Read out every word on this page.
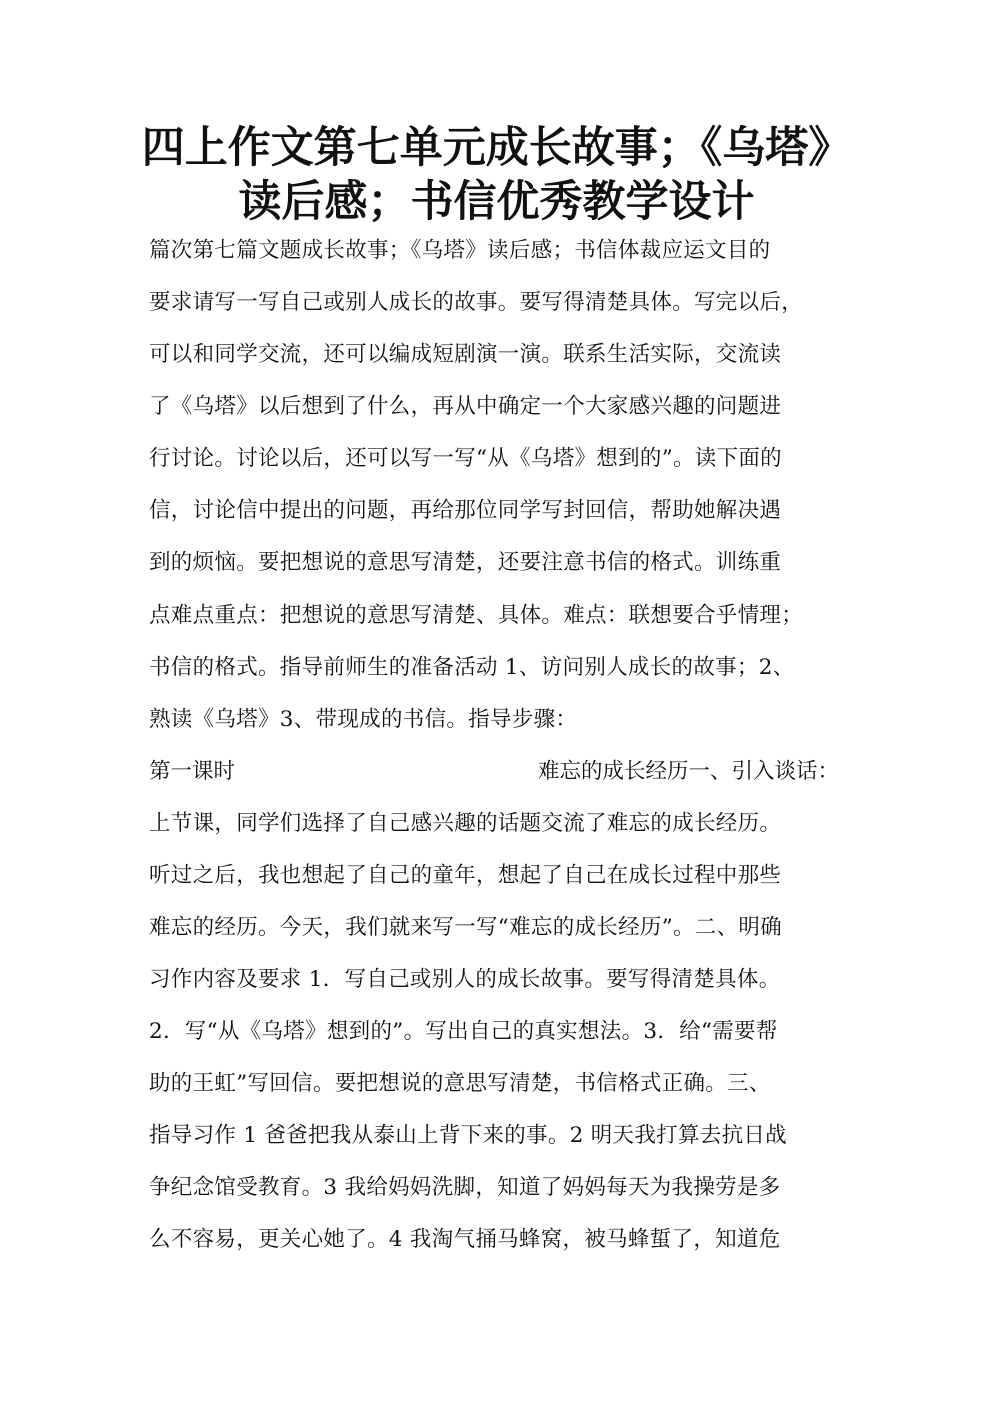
四上作文第七单元成长故事；《乌塔》
读后感；书信优秀教学设计
篇次第七篇文题成长故事；《乌塔》读后感；书信体裁应运文目的
要求请写一写自己或别人成长的故事。要写得清楚具体。写完以后，
可以和同学交流，还可以编成短剧演一演。联系生活实际，交流读
了《乌塔》以后想到了什么，再从中确定一个大家感兴趣的问题进
行讨论。讨论以后，还可以写一写“从《乌塔》想到的”。读下面的
信，讨论信中提出的问题，再给那位同学写封回信，帮助她解决遇
到的烦恼。要把想说的意思写清楚，还要注意书信的格式。训练重
点难点重点：把想说的意思写清楚、具体。难点：联想要合乎情理；
书信的格式。指导前师生的准备活动 1、访问别人成长的故事；2、
熟读《乌塔》3、带现成的书信。指导步骤：
第一课时	难忘的成长经历一、引入谈话：
上节课，同学们选择了自己感兴趣的话题交流了难忘的成长经历。
听过之后，我也想起了自己的童年，想起了自己在成长过程中那些
难忘的经历。今天，我们就来写一写“难忘的成长经历”。二、明确
习作内容及要求 1．写自己或别人的成长故事。要写得清楚具体。
2．写“从《乌塔》想到的”。写出自己的真实想法。3．给“需要帮
助的王虹”写回信。要把想说的意思写清楚，书信格式正确。三、
指导习作 1 爸爸把我从泰山上背下来的事。2 明天我打算去抗日战
争纪念馆受教育。3 我给妈妈洗脚，知道了妈妈每天为我操劳是多
么不容易，更关心她了。4 我淘气捅马蜂窝，被马蜂蜇了，知道危
